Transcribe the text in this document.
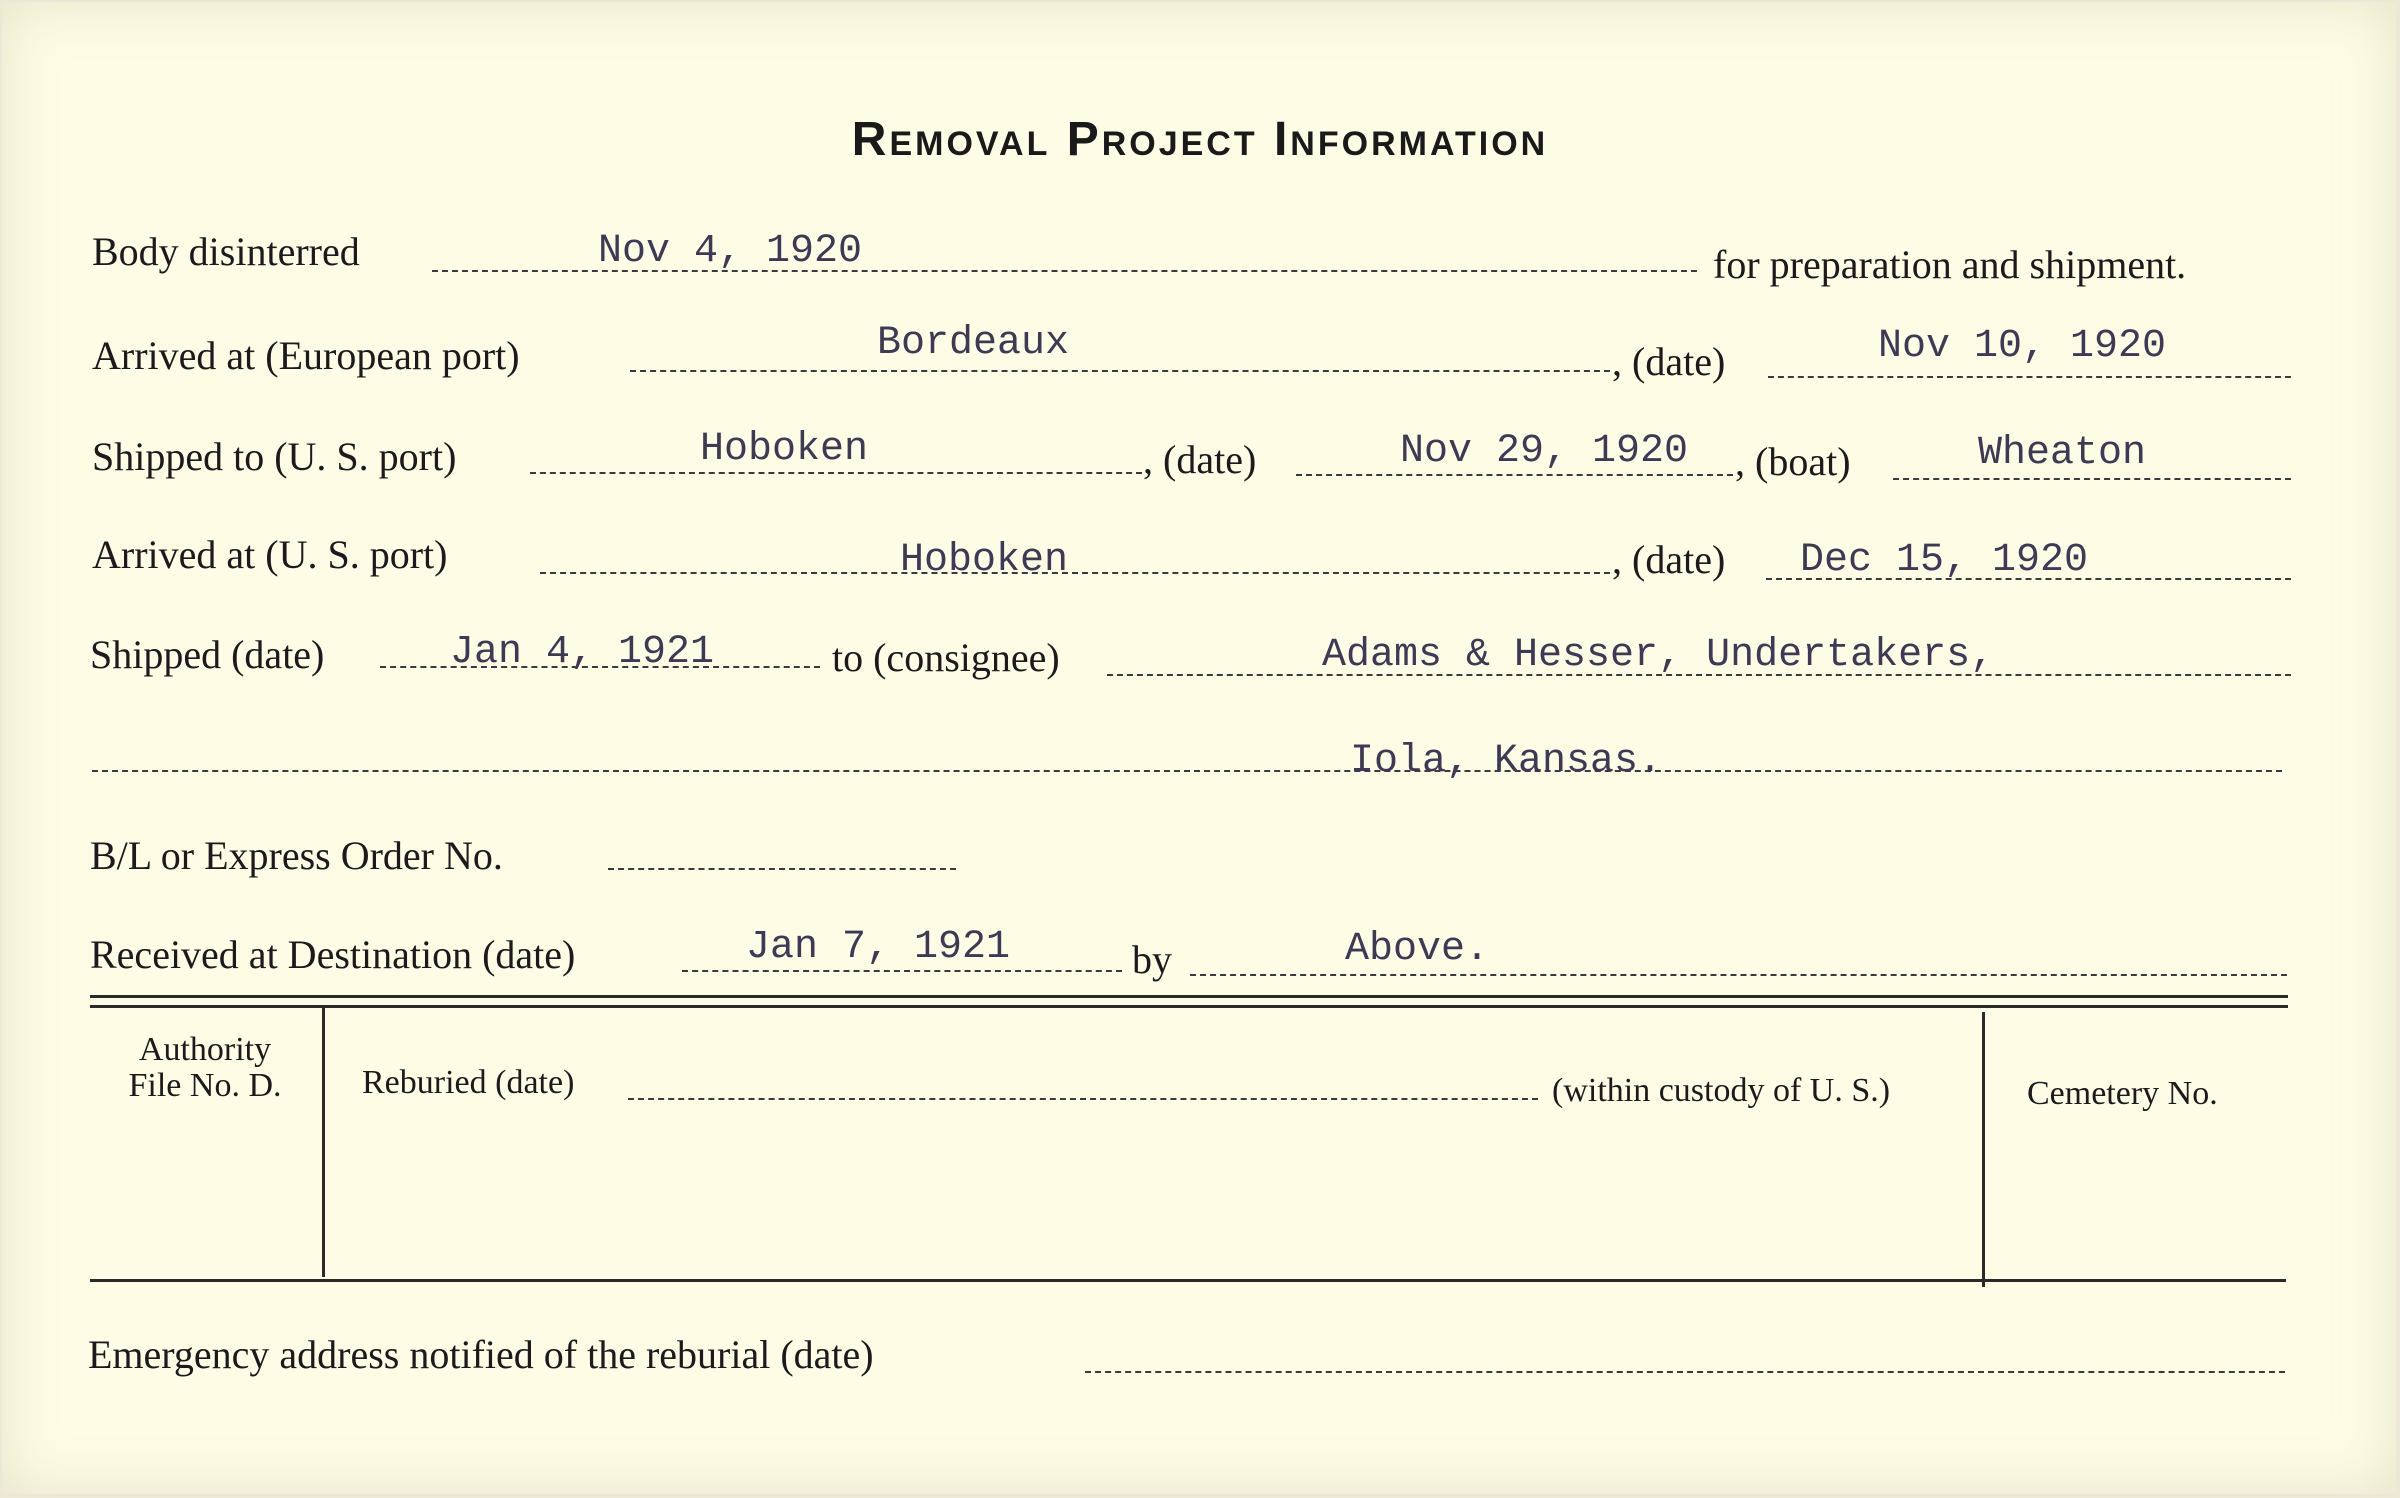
Removal Project Information
Body disinterred	Nov 4, 1920	for preparation and shipment.
Arrived at (European port)	Bordeaux	, (date)	Nov 10, 1920
Shipped to (U. S. port)	Hoboken	, (date)	Nov 29, 1920 , (boat)	Wheaton
Arrived at (U. S. port)	Hoboken	, (date) Dec 15, 1920
Shipped (date)	Jan 4, 1921	to (consignee)	Adams & Hesser, Undertakers,
Iola, Kansas.
B/L or Express Order No.
Received at Destination (date)	Jan 7, 1921	by	Above.
Authority
File No. D.	Reburied (date)	(within custody of U. S.)	Cemetery No.
Emergency address notified of the reburial (date)
